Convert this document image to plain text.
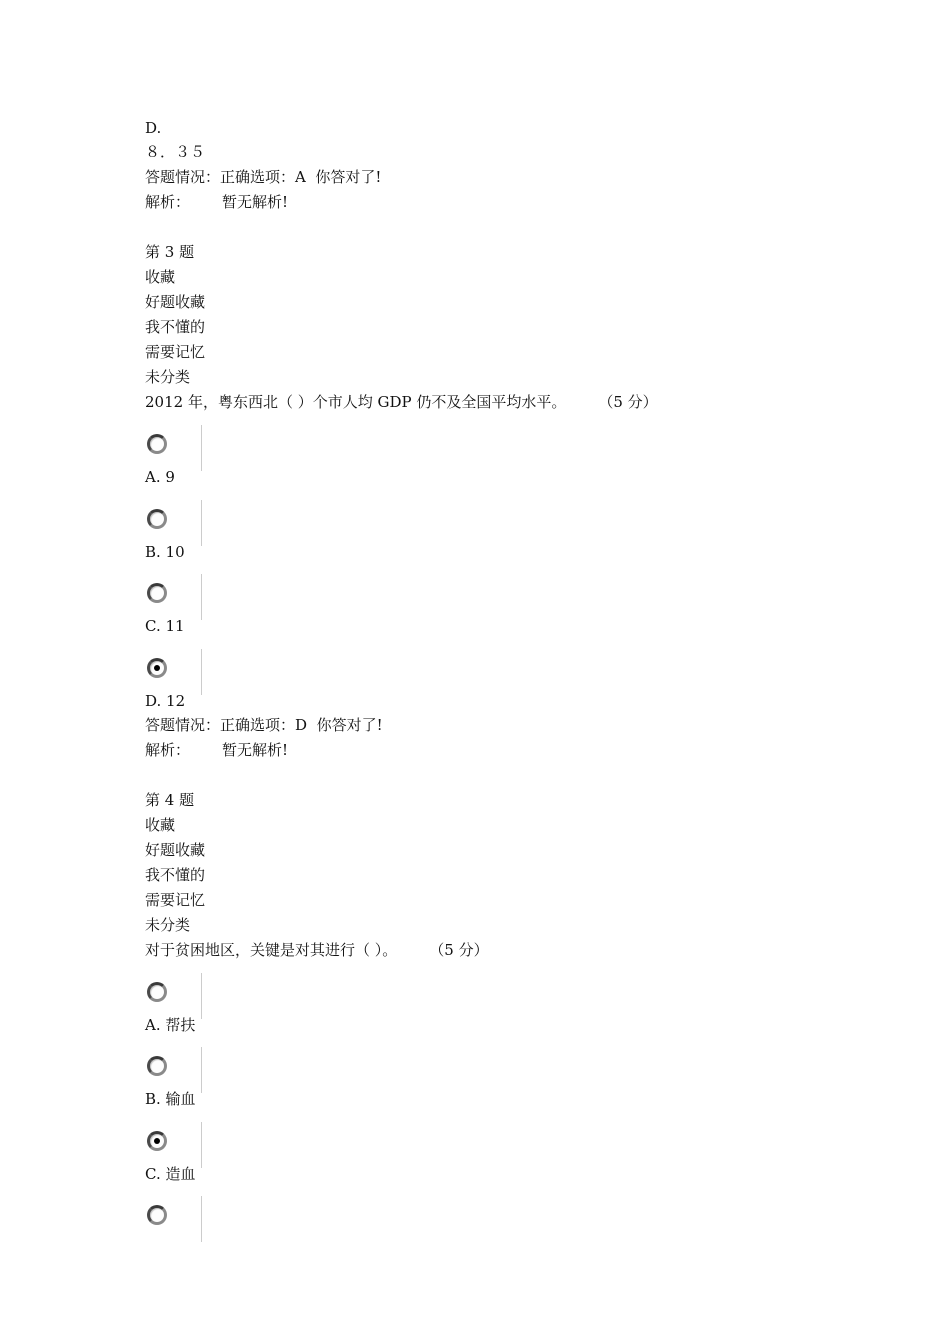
D.
８．３５
答题情况：正确选项：A  你答对了!
解析： 暂无解析!
第 3 题
收藏
好题收藏
我不懂的
需要记忆
未分类
2012 年，粤东西北（ ）个市人均 GDP 仍不及全国平均水平。 （5 分）
A. 9
B. 10
C. 11
D. 12
答题情况：正确选项：D  你答对了!
解析： 暂无解析!
第 4 题
收藏
好题收藏
我不懂的
需要记忆
未分类
对于贫困地区，关键是对其进行（ ）。 （5 分）
A. 帮扶
B. 输血
C. 造血
